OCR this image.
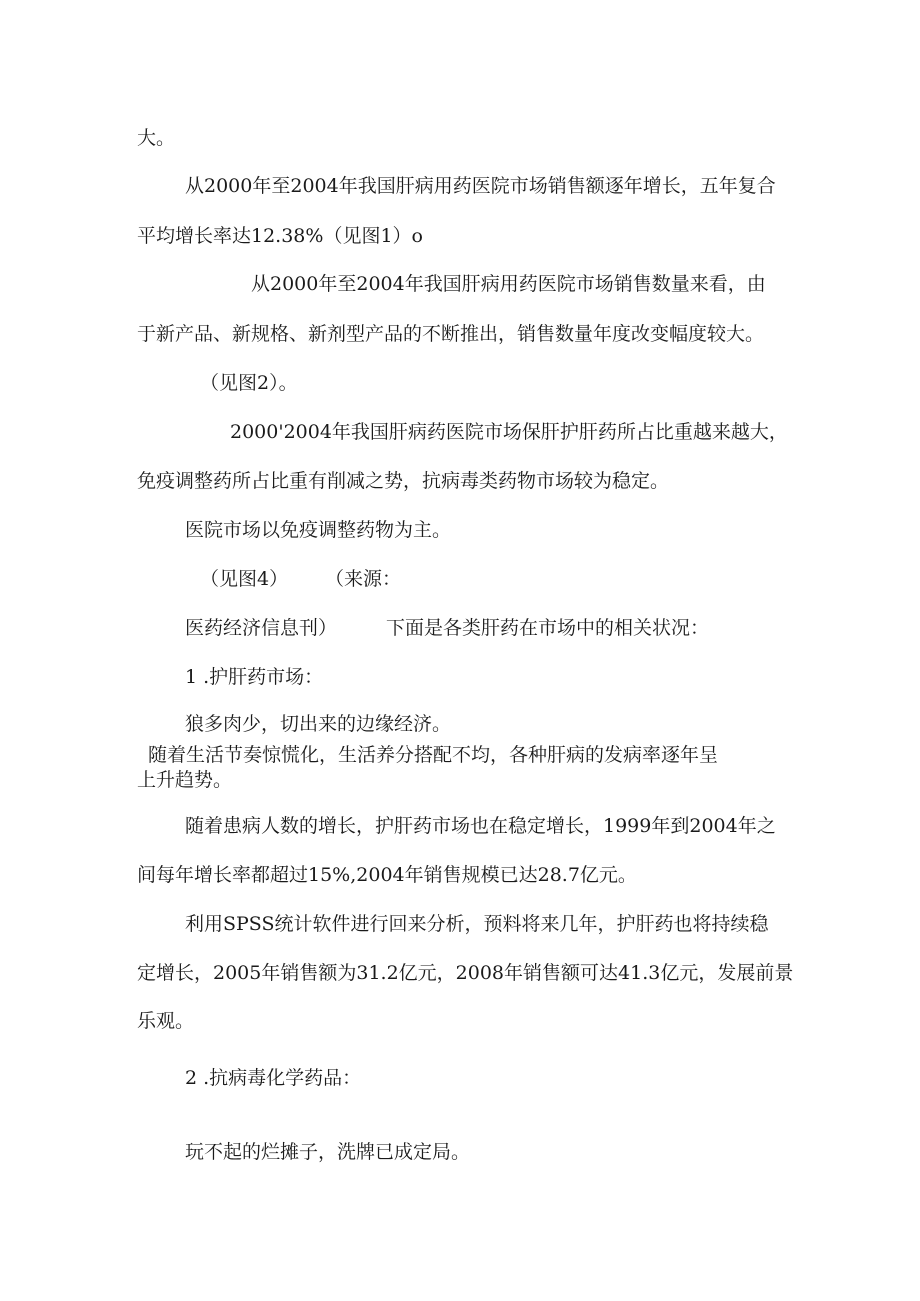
大。

从2000年至2004年我国肝病用药医院市场销售额逐年增长，五年复合

平均增长率达12.38%（见图1）o

从2000年至2004年我国肝病用药医院市场销售数量来看，由

于新产品、新规格、新剂型产品的不断推出，销售数量年度改变幅度较大。

（见图2）。

2000'2004年我国肝病药医院市场保肝护肝药所占比重越来越大，

免疫调整药所占比重有削减之势，抗病毒类药物市场较为稳定。

医院市场以免疫调整药物为主。

（见图4） （来源：

医药经济信息刊）	下面是各类肝药在市场中的相关状况：

1 .护肝药市场：

狼多肉少，切出来的边缘经济。

随着生活节奏惊慌化，生活养分搭配不均，各种肝病的发病率逐年呈

上升趋势。

随着患病人数的增长，护肝药市场也在稳定增长，1999年到2004年之

间每年增长率都超过15%,2004年销售规模已达28.7亿元。

利用SPSS统计软件进行回来分析，预料将来几年，护肝药也将持续稳

定增长，2005年销售额为31.2亿元，2008年销售额可达41.3亿元，发展前景

乐观。

2 .抗病毒化学药品：

玩不起的烂摊子，洗牌已成定局。
